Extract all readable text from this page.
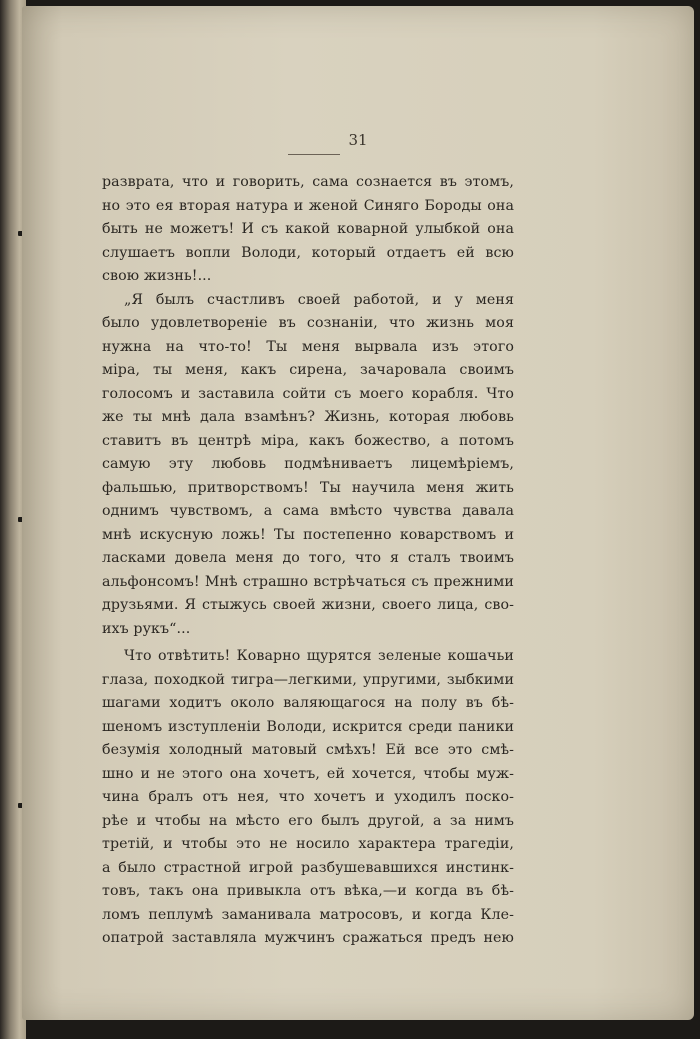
31
разврата, что и говорить, сама сознается въ этомъ,
но это ея вторая натура и женой Синяго Бороды она
быть не можетъ! И съ какой коварной улыбкой она
слушаетъ вопли Володи, который отдаетъ ей всю
свою жизнь!...
„Я былъ счастливъ своей работой, и у меня
было удовлетворенiе въ сознанiи, что жизнь моя
нужна на что-то! Ты меня вырвала изъ этого
мiра, ты меня, какъ сирена, зачаровала своимъ
голосомъ и заставила сойти съ моего корабля. Что
же ты мнѣ дала взамѣнъ? Жизнь, которая любовь
ставитъ въ центрѣ мiра, какъ божество, а потомъ
самую эту любовь подмѣниваетъ лицемѣрiемъ,
фальшью, притворствомъ! Ты научила меня жить
однимъ чувствомъ, а сама вмѣсто чувства давала
мнѣ искусную ложь! Ты постепенно коварствомъ и
ласками довела меня до того, что я сталъ твоимъ
альфонсомъ! Мнѣ страшно встрѣчаться съ прежними
друзьями. Я стыжусь своей жизни, своего лица, сво-
ихъ рукъ“...
Что отвѣтить! Коварно щурятся зеленые кошачьи
глаза, походкой тигра—легкими, упругими, зыбкими
шагами ходитъ около валяющагося на полу въ бѣ-
шеномъ изступленiи Володи, искрится среди паники
безумiя холодный матовый смѣхъ! Ей все это смѣ-
шно и не этого она хочетъ, ей хочется, чтобы муж-
чина бралъ отъ нея, что хочетъ и уходилъ поско-
рѣе и чтобы на мѣсто его былъ другой, а за нимъ
третiй, и чтобы это не носило характера трагедiи,
а было страстной игрой разбушевавшихся инстинк-
товъ, такъ она привыкла отъ вѣка,—и когда въ бѣ-
ломъ пеплумѣ заманивала матросовъ, и когда Кле-
опатрой заставляла мужчинъ сражаться предъ нею
